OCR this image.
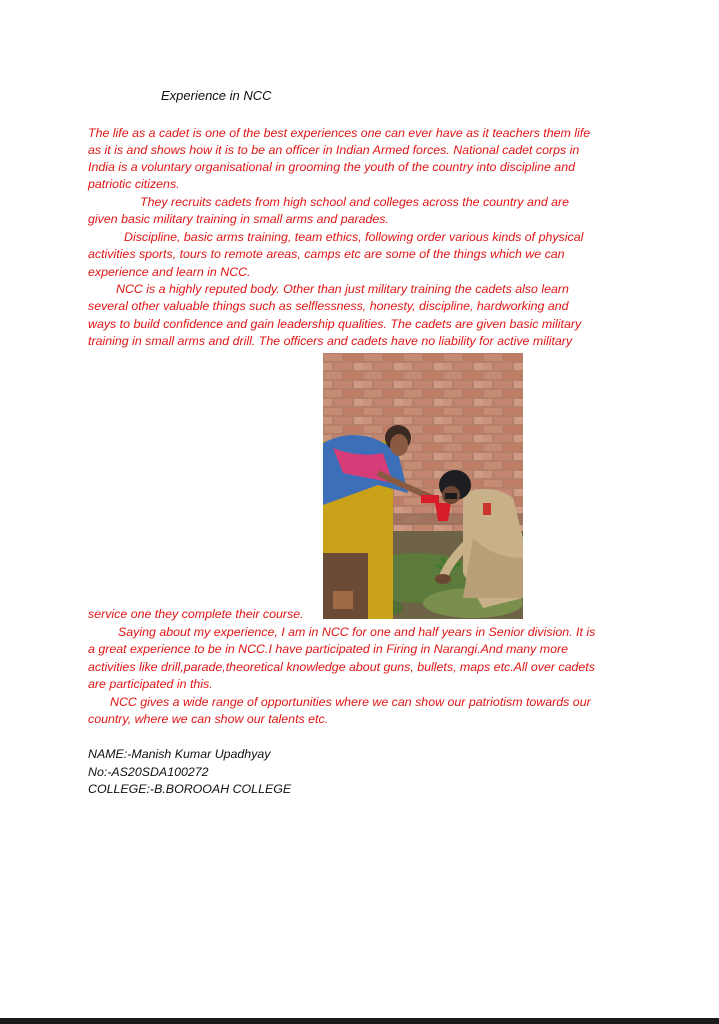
Experience in NCC
The life as a cadet is one of the best experiences one can ever have as it teachers them life
as it is and shows how it is to be an officer in Indian Armed forces. National cadet corps in
India is a voluntary organisational in grooming the youth of the country into discipline and
patriotic citizens.
They recruits cadets from high school and colleges across the country and are
given basic military training in small arms and parades.
Discipline, basic arms training, team ethics, following order various kinds of physical
activities sports, tours to remote areas, camps etc are some of the things which we can
experience and learn in NCC.
NCC is a highly reputed body. Other than just military training the cadets also learn
several other valuable things such as selflessness, honesty, discipline, hardworking and
ways to build confidence and gain leadership qualities. The cadets are given basic military
training in small arms and drill. The officers and cadets have no liability for active military
service one they complete their course.
Saying about my experience, I am in NCC for one and half years in Senior division. It is
a great experience to be in NCC.I have participated in Firing in Narangi.And many more
activities like drill,parade,theoretical knowledge about guns, bullets, maps etc.All over cadets
are participated in this.
NCC gives a wide range of opportunities where we can show our patriotism towards our
country, where we can show our talents etc.
NAME:-Manish Kumar Upadhyay
No:-AS20SDA100272
COLLEGE:-B.BOROOAH COLLEGE
